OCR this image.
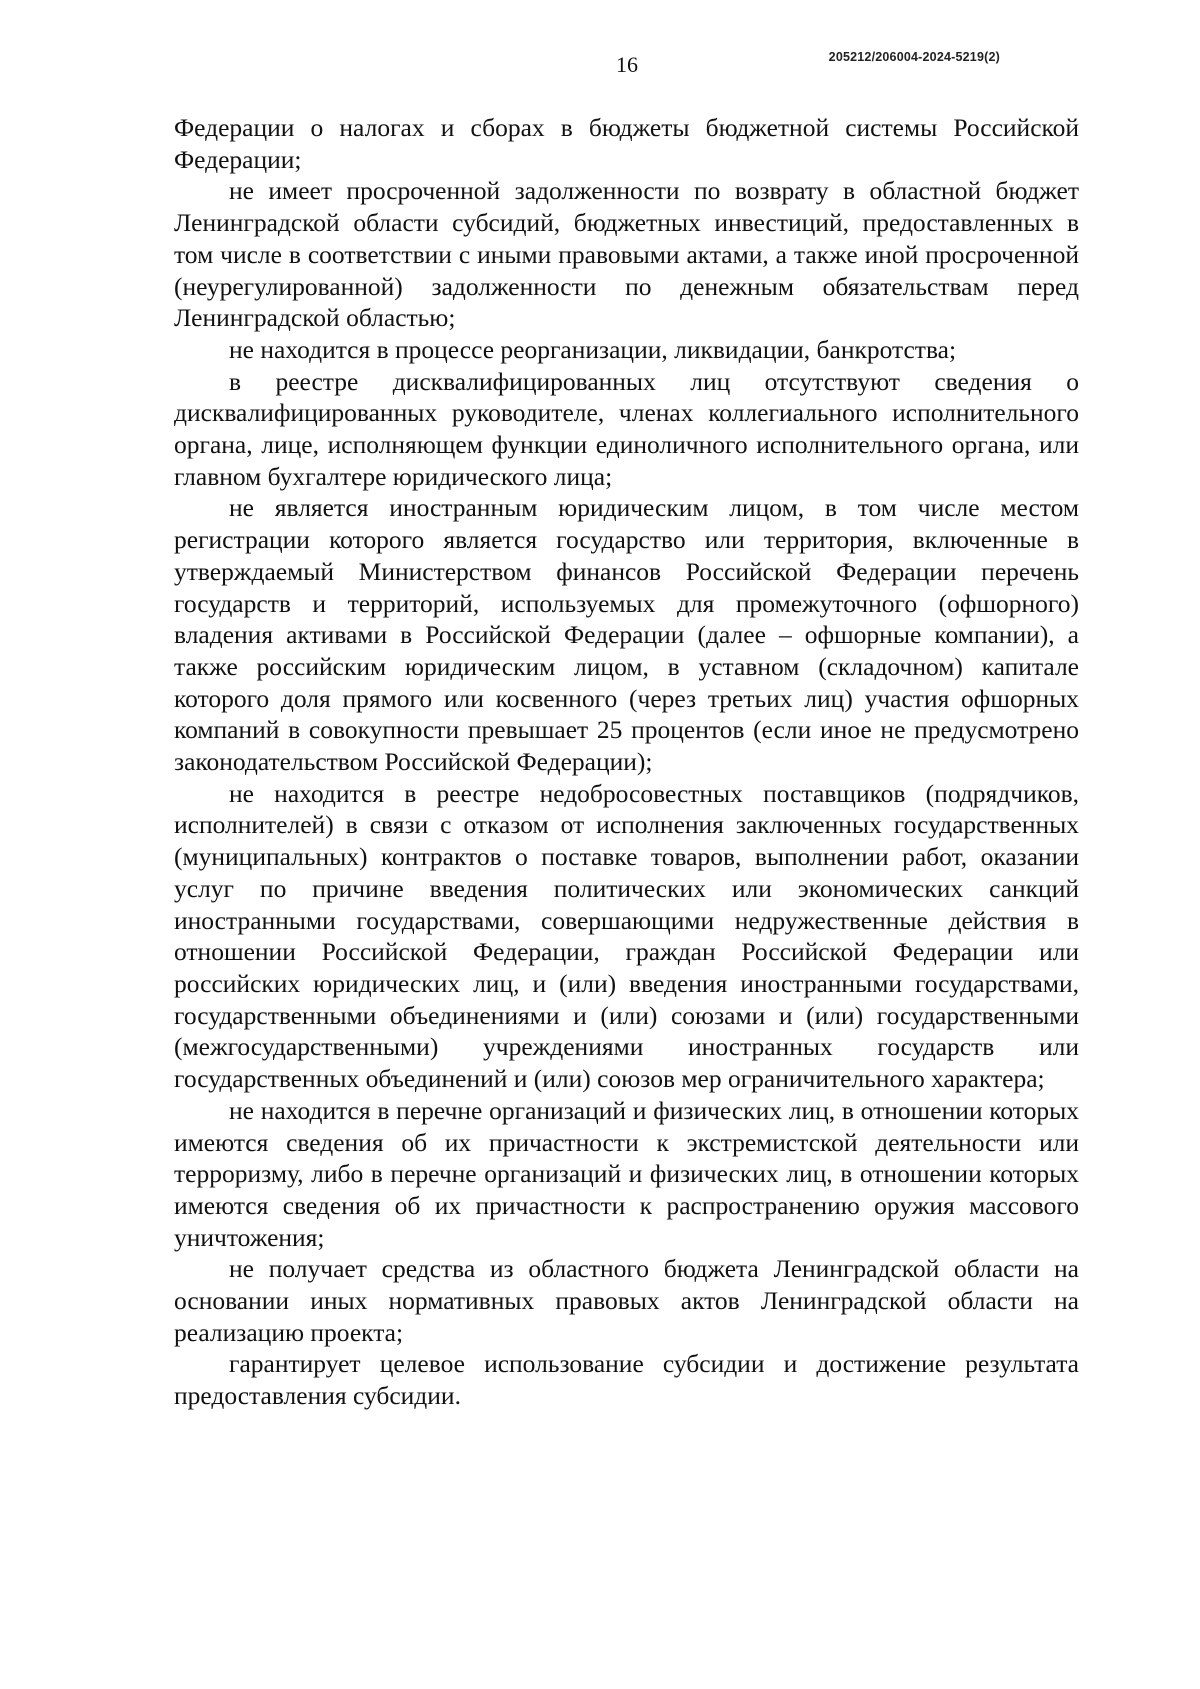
205212/206004-2024-5219(2)
16

Федерации о налогах и сборах в бюджеты бюджетной системы Российской Федерации;

не имеет просроченной задолженности по возврату в областной бюджет Ленинградской области субсидий, бюджетных инвестиций, предоставленных в том числе в соответствии с иными правовыми актами, а также иной просроченной (неурегулированной) задолженности по денежным обязательствам перед Ленинградской областью;

не находится в процессе реорганизации, ликвидации, банкротства;

в реестре дисквалифицированных лиц отсутствуют сведения о дисквалифицированных руководителе, членах коллегиального исполнительного органа, лице, исполняющем функции единоличного исполнительного органа, или главном бухгалтере юридического лица;

не является иностранным юридическим лицом, в том числе местом регистрации которого является государство или территория, включенные в утверждаемый Министерством финансов Российской Федерации перечень государств и территорий, используемых для промежуточного (офшорного) владения активами в Российской Федерации (далее – офшорные компании), а также российским юридическим лицом, в уставном (складочном) капитале которого доля прямого или косвенного (через третьих лиц) участия офшорных компаний в совокупности превышает 25 процентов (если иное не предусмотрено законодательством Российской Федерации);

не находится в реестре недобросовестных поставщиков (подрядчиков, исполнителей) в связи с отказом от исполнения заключенных государственных (муниципальных) контрактов о поставке товаров, выполнении работ, оказании услуг по причине введения политических или экономических санкций иностранными государствами, совершающими недружественные действия в отношении Российской Федерации, граждан Российской Федерации или российских юридических лиц, и (или) введения иностранными государствами, государственными объединениями и (или) союзами и (или) государственными (межгосударственными) учреждениями иностранных государств или государственных объединений и (или) союзов мер ограничительного характера;

не находится в перечне организаций и физических лиц, в отношении которых имеются сведения об их причастности к экстремистской деятельности или терроризму, либо в перечне организаций и физических лиц, в отношении которых имеются сведения об их причастности к распространению оружия массового уничтожения;

не получает средства из областного бюджета Ленинградской области на основании иных нормативных правовых актов Ленинградской области на реализацию проекта;

гарантирует целевое использование субсидии и достижение результата предоставления субсидии.
